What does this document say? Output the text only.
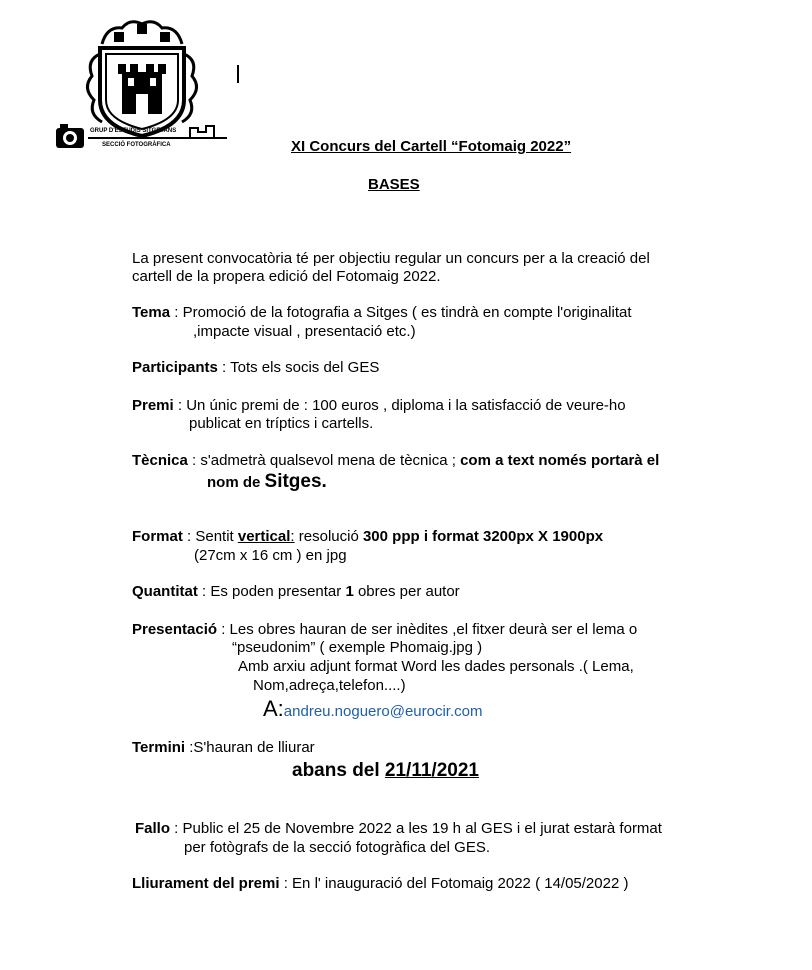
GRUP D'ESTUDIS SITGETANS
SECCIÓ FOTOGRÀFICA	XI Concurs del Cartell “Fotomaig 2022”
BASES
La present convocatòria té per objectiu regular un concurs per a la creació del
cartell de la propera edició del Fotomaig 2022.
Tema : Promoció de la fotografia a Sitges ( es tindrà en compte l'originalitat
,impacte visual , presentació etc.)
Participants : Tots els socis del GES
Premi : Un únic premi de : 100 euros , diploma i la satisfacció de veure-ho
publicat en tríptics i cartells.
Tècnica : s'admetrà qualsevol mena de tècnica ; com a text només portarà el
nom de Sitges.
Format : Sentit vertical: resolució 300 ppp i format 3200px X 1900px
(27cm x 16 cm ) en jpg
Quantitat : Es poden presentar 1 obres per autor
Presentació : Les obres hauran de ser inèdites ,el fitxer deurà ser el lema o
“pseudonim” ( exemple Phomaig.jpg )
Amb arxiu adjunt format Word les dades personals .( Lema,
Nom,adreça,telefon....)
A:andreu.noguero@eurocir.com
Termini :S'hauran de lliurar
abans del 21/11/2021
Fallo : Public el 25 de Novembre 2022 a les 19 h al GES i el jurat estarà format
per fotògrafs de la secció fotogràfica del GES.
Lliurament del premi : En l' inauguració del Fotomaig 2022 ( 14/05/2022 )
